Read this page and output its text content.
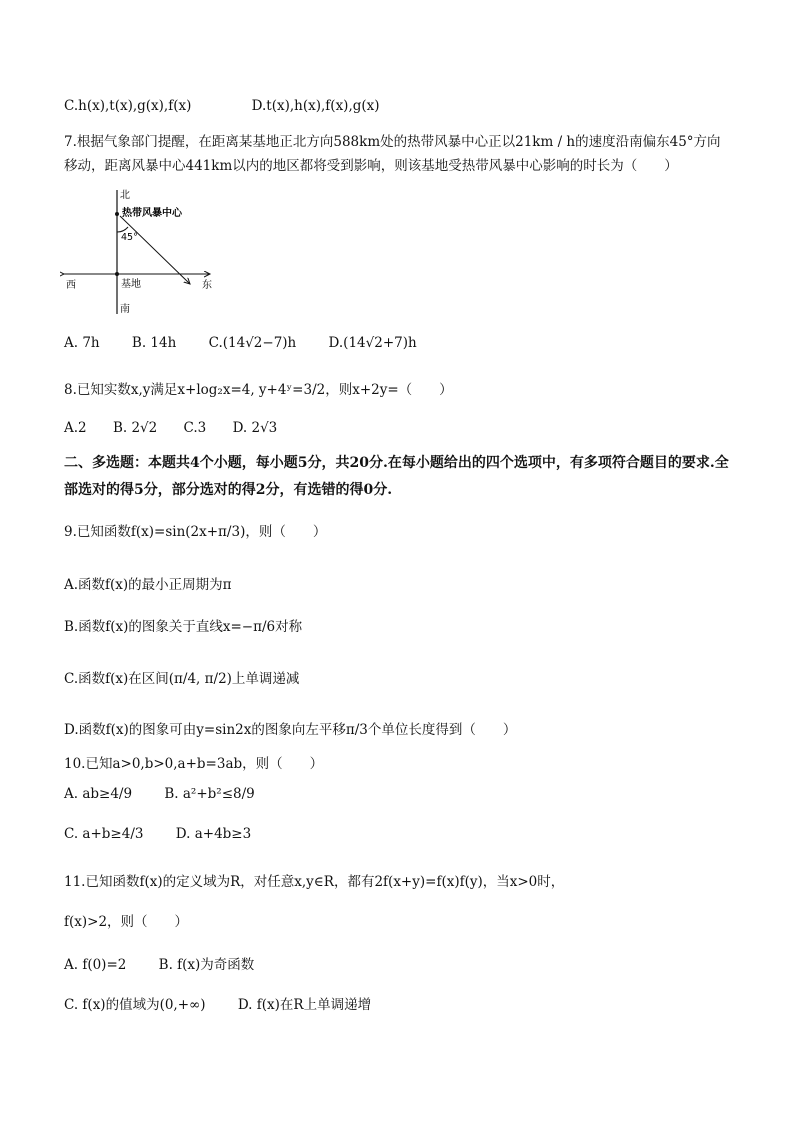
C.h(x),t(x),g(x),f(x)	D.t(x),h(x),f(x),g(x)
7.根据气象部门提醒，在距离某基地正北方向588km处的热带风暴中心正以21km / h的速度沿南偏东45°方向移动，距离风暴中心441km以内的地区都将受到影响，则该基地受热带风暴中心影响的时长为（　　）
北
热带风暴中心
45°
西	基地	东
南
A. 7h B. 14h C.(14√2−7)h D.(14√2+7)h
8.已知实数x,y满足x+log₂x=4, y+4ʸ=3/2，则x+2y=（　　）
A.2 B. 2√2 C.3 D. 2√3
二、多选题：本题共4个小题，每小题5分，共20分.在每小题给出的四个选项中，有多项符合题目的要求.全部选对的得5分，部分选对的得2分，有选错的得0分.
9.已知函数f(x)=sin(2x+π/3)，则（　　）
A.函数f(x)的最小正周期为π
B.函数f(x)的图象关于直线x=−π/6对称
C.函数f(x)在区间(π/4, π/2)上单调递减
D.函数f(x)的图象可由y=sin2x的图象向左平移π/3个单位长度得到（　　）
10.已知a>0,b>0,a+b=3ab，则（　　）
A. ab≥4/9 B. a²+b²≤8/9
C. a+b≥4/3 D. a+4b≥3
11.已知函数f(x)的定义域为R，对任意x,y∈R，都有2f(x+y)=f(x)f(y)，当x>0时，
f(x)>2，则（　　）
A. f(0)=2 B. f(x)为奇函数
C. f(x)的值域为(0,+∞) D. f(x)在R上单调递增
